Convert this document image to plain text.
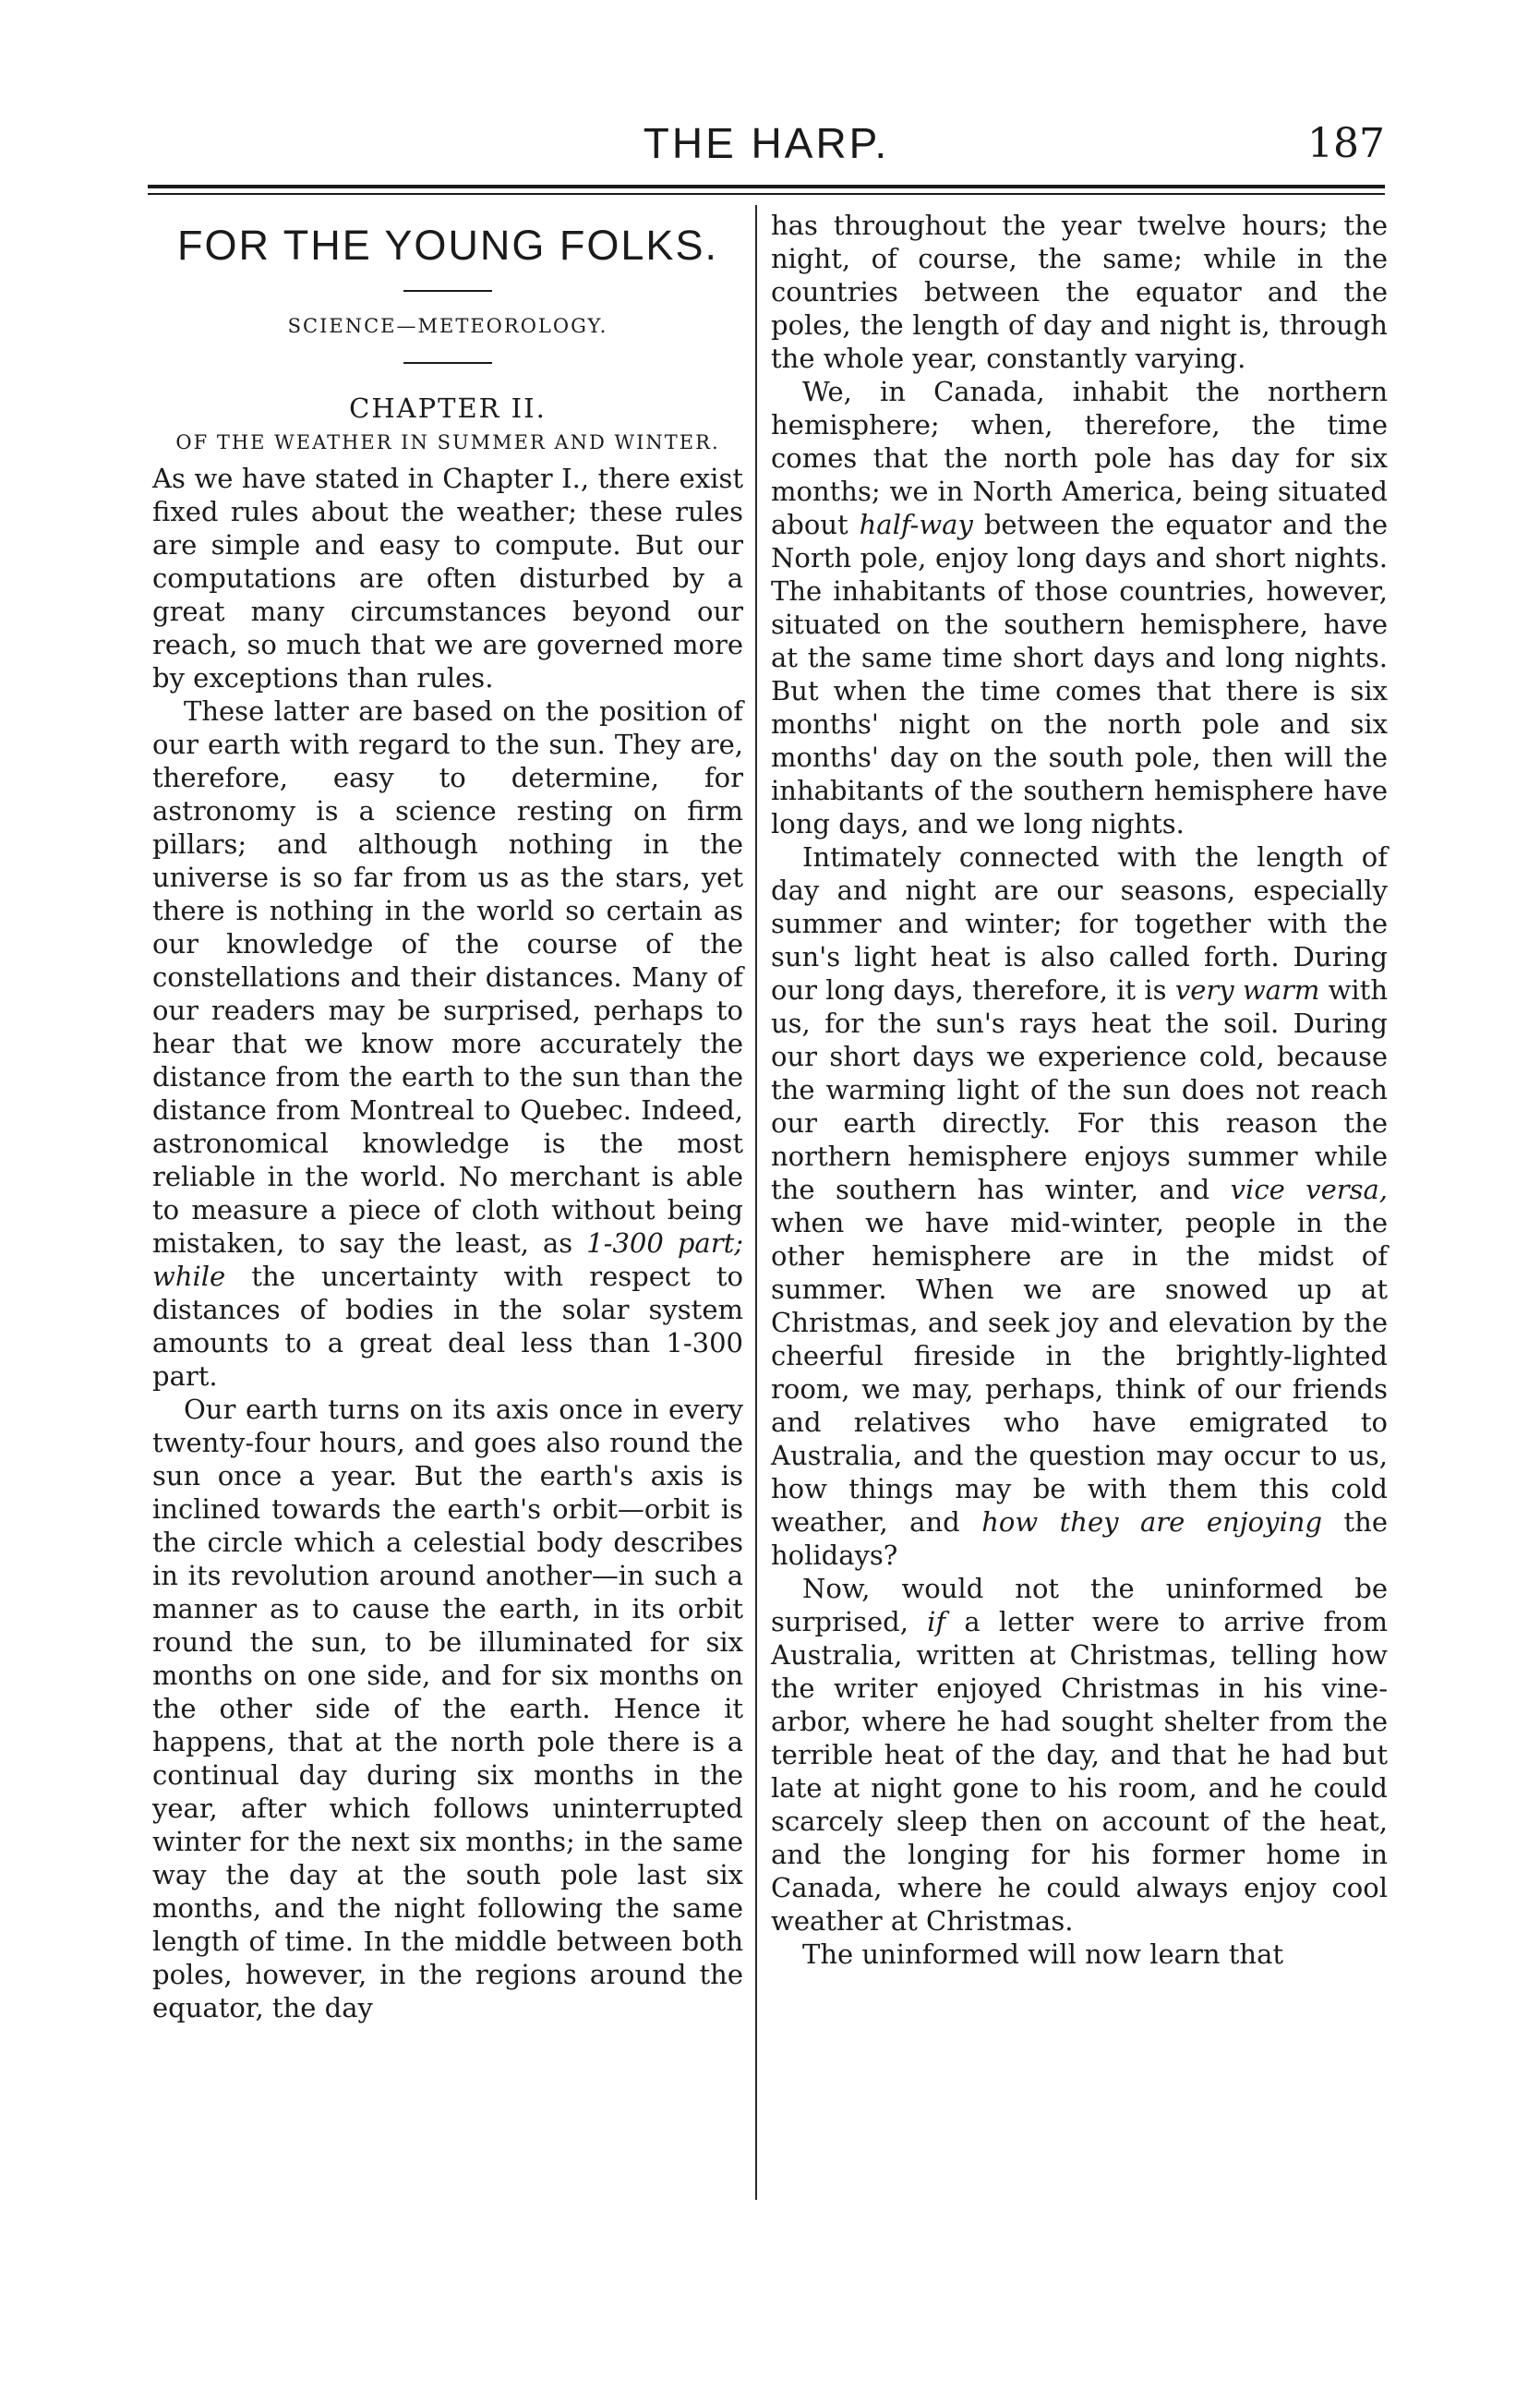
THE HARP.	187
FOR THE YOUNG FOLKS.
SCIENCE—METEOROLOGY.
CHAPTER II.
OF THE WEATHER IN SUMMER AND WINTER.

As we have stated in Chapter I., there exist fixed rules about the weather; these rules are simple and easy to compute. But our computations are often disturbed by a great many circumstances beyond our reach, so much that we are governed more by exceptions than rules.

These latter are based on the position of our earth with regard to the sun. They are, therefore, easy to determine, for astronomy is a science resting on firm pillars; and although nothing in the universe is so far from us as the stars, yet there is nothing in the world so certain as our knowledge of the course of the constellations and their distances. Many of our readers may be surprised, perhaps to hear that we know more accurately the distance from the earth to the sun than the distance from Montreal to Quebec. Indeed, astronomical knowledge is the most reliable in the world. No merchant is able to measure a piece of cloth without being mistaken, to say the least, as 1-300 part; while the uncertainty with respect to distances of bodies in the solar system amounts to a great deal less than 1-300 part.

Our earth turns on its axis once in every twenty-four hours, and goes also round the sun once a year. But the earth's axis is inclined towards the earth's orbit—orbit is the circle which a celestial body describes in its revolution around another—in such a manner as to cause the earth, in its orbit round the sun, to be illuminated for six months on one side, and for six months on the other side of the earth. Hence it happens, that at the north pole there is a continual day during six months in the year, after which follows uninterrupted winter for the next six months; in the same way the day at the south pole last six months, and the night following the same length of time. In the middle between both poles, however, in the regions around the equator, the day

has throughout the year twelve hours; the night, of course, the same; while in the countries between the equator and the poles, the length of day and night is, through the whole year, constantly varying.

We, in Canada, inhabit the northern hemisphere; when, therefore, the time comes that the north pole has day for six months; we in North America, being situated about half-way between the equator and the North pole, enjoy long days and short nights. The inhabitants of those countries, however, situated on the southern hemisphere, have at the same time short days and long nights. But when the time comes that there is six months' night on the north pole and six months' day on the south pole, then will the inhabitants of the southern hemisphere have long days, and we long nights.

Intimately connected with the length of day and night are our seasons, especially summer and winter; for together with the sun's light heat is also called forth. During our long days, therefore, it is very warm with us, for the sun's rays heat the soil. During our short days we experience cold, because the warming light of the sun does not reach our earth directly. For this reason the northern hemisphere enjoys summer while the southern has winter, and vice versa, when we have mid-winter, people in the other hemisphere are in the midst of summer. When we are snowed up at Christmas, and seek joy and elevation by the cheerful fireside in the brightly-lighted room, we may, perhaps, think of our friends and relatives who have emigrated to Australia, and the question may occur to us, how things may be with them this cold weather, and how they are enjoying the holidays?

Now, would not the uninformed be surprised, if a letter were to arrive from Australia, written at Christmas, telling how the writer enjoyed Christmas in his vine-arbor, where he had sought shelter from the terrible heat of the day, and that he had but late at night gone to his room, and he could scarcely sleep then on account of the heat, and the longing for his former home in Canada, where he could always enjoy cool weather at Christmas.

The uninformed will now learn that
